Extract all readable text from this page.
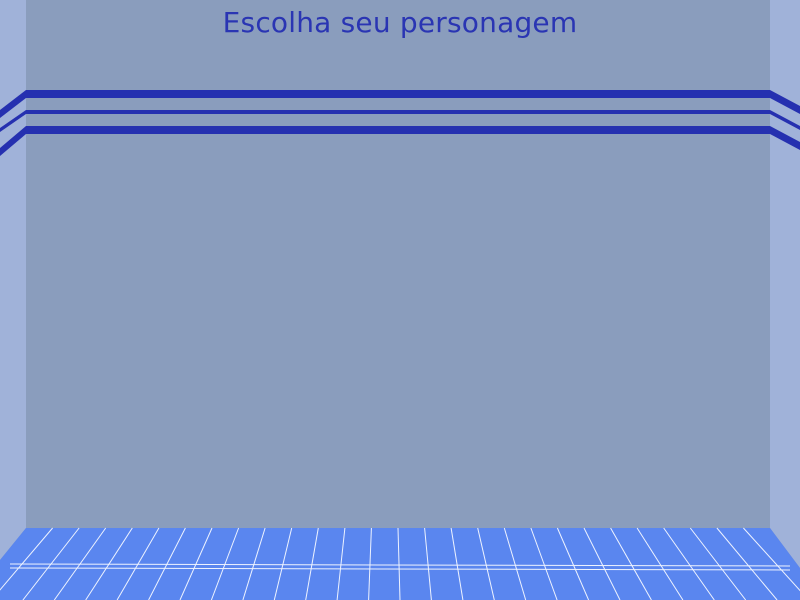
Escolha seu personagem
